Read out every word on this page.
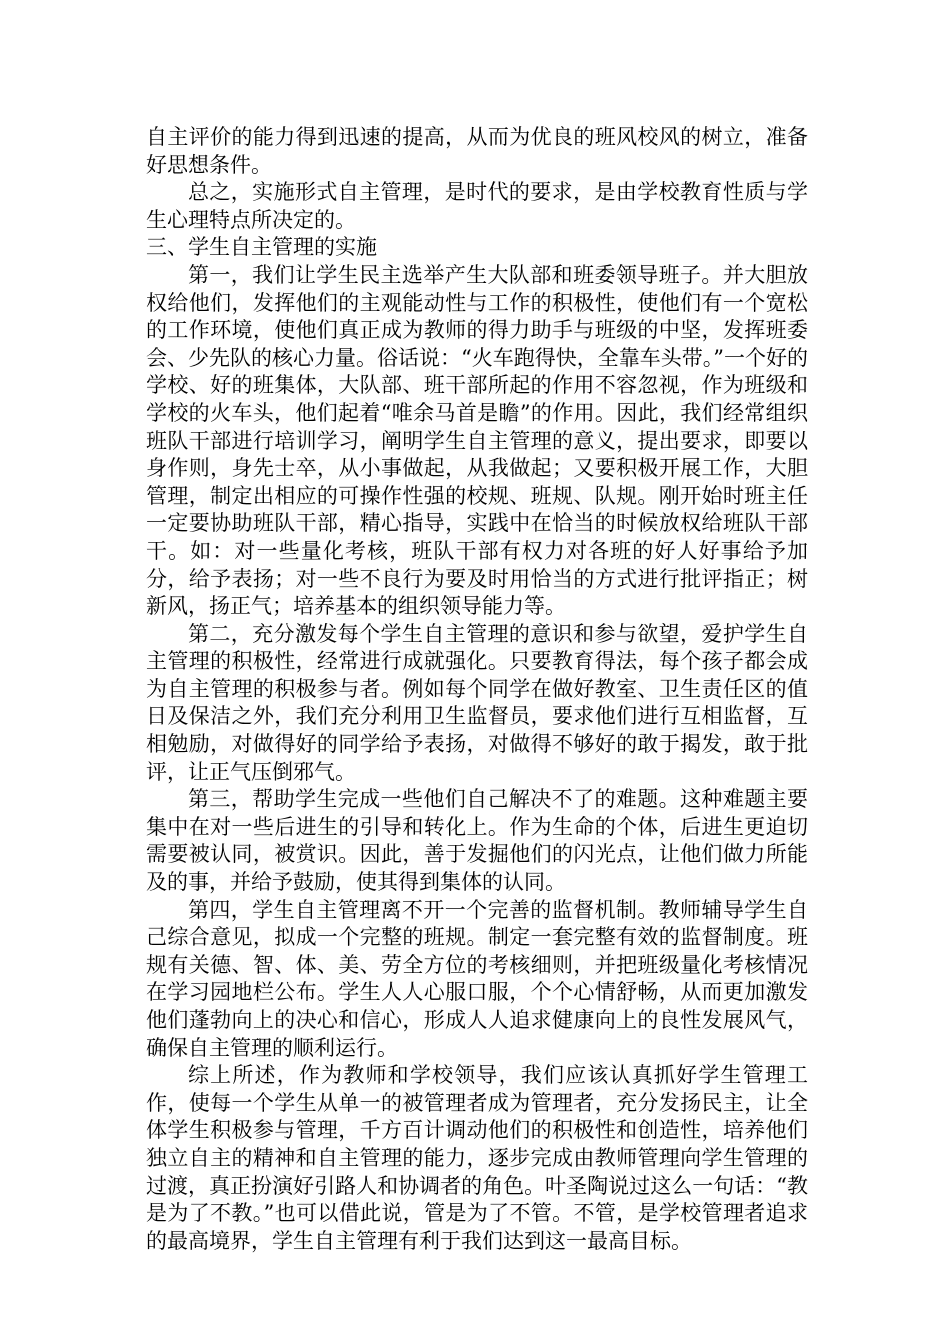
自主评价的能力得到迅速的提高，从而为优良的班风校风的树立，准备好思想条件。

总之，实施形式自主管理，是时代的要求，是由学校教育性质与学生心理特点所决定的。

三、学生自主管理的实施

第一，我们让学生民主选举产生大队部和班委领导班子。并大胆放权给他们，发挥他们的主观能动性与工作的积极性，使他们有一个宽松的工作环境，使他们真正成为教师的得力助手与班级的中坚，发挥班委会、少先队的核心力量。俗话说：“火车跑得快，全靠车头带。”一个好的学校、好的班集体，大队部、班干部所起的作用不容忽视，作为班级和学校的火车头，他们起着“唯余马首是瞻”的作用。因此，我们经常组织班队干部进行培训学习，阐明学生自主管理的意义，提出要求，即要以身作则，身先士卒，从小事做起，从我做起；又要积极开展工作，大胆管理，制定出相应的可操作性强的校规、班规、队规。刚开始时班主任一定要协助班队干部，精心指导，实践中在恰当的时候放权给班队干部干。如：对一些量化考核，班队干部有权力对各班的好人好事给予加分，给予表扬；对一些不良行为要及时用恰当的方式进行批评指正；树新风，扬正气；培养基本的组织领导能力等。

第二，充分激发每个学生自主管理的意识和参与欲望，爱护学生自主管理的积极性，经常进行成就强化。只要教育得法，每个孩子都会成为自主管理的积极参与者。例如每个同学在做好教室、卫生责任区的值日及保洁之外，我们充分利用卫生监督员，要求他们进行互相监督，互相勉励，对做得好的同学给予表扬，对做得不够好的敢于揭发，敢于批评，让正气压倒邪气。

第三，帮助学生完成一些他们自己解决不了的难题。这种难题主要集中在对一些后进生的引导和转化上。作为生命的个体，后进生更迫切需要被认同，被赏识。因此，善于发掘他们的闪光点，让他们做力所能及的事，并给予鼓励，使其得到集体的认同。

第四，学生自主管理离不开一个完善的监督机制。教师辅导学生自己综合意见，拟成一个完整的班规。制定一套完整有效的监督制度。班规有关德、智、体、美、劳全方位的考核细则，并把班级量化考核情况在学习园地栏公布。学生人人心服口服，个个心情舒畅，从而更加激发他们蓬勃向上的决心和信心，形成人人追求健康向上的良性发展风气，确保自主管理的顺利运行。

综上所述，作为教师和学校领导，我们应该认真抓好学生管理工作，使每一个学生从单一的被管理者成为管理者，充分发扬民主，让全体学生积极参与管理，千方百计调动他们的积极性和创造性，培养他们独立自主的精神和自主管理的能力，逐步完成由教师管理向学生管理的过渡，真正扮演好引路人和协调者的角色。叶圣陶说过这么一句话：“教是为了不教。”也可以借此说，管是为了不管。不管，是学校管理者追求的最高境界，学生自主管理有利于我们达到这一最高目标。
